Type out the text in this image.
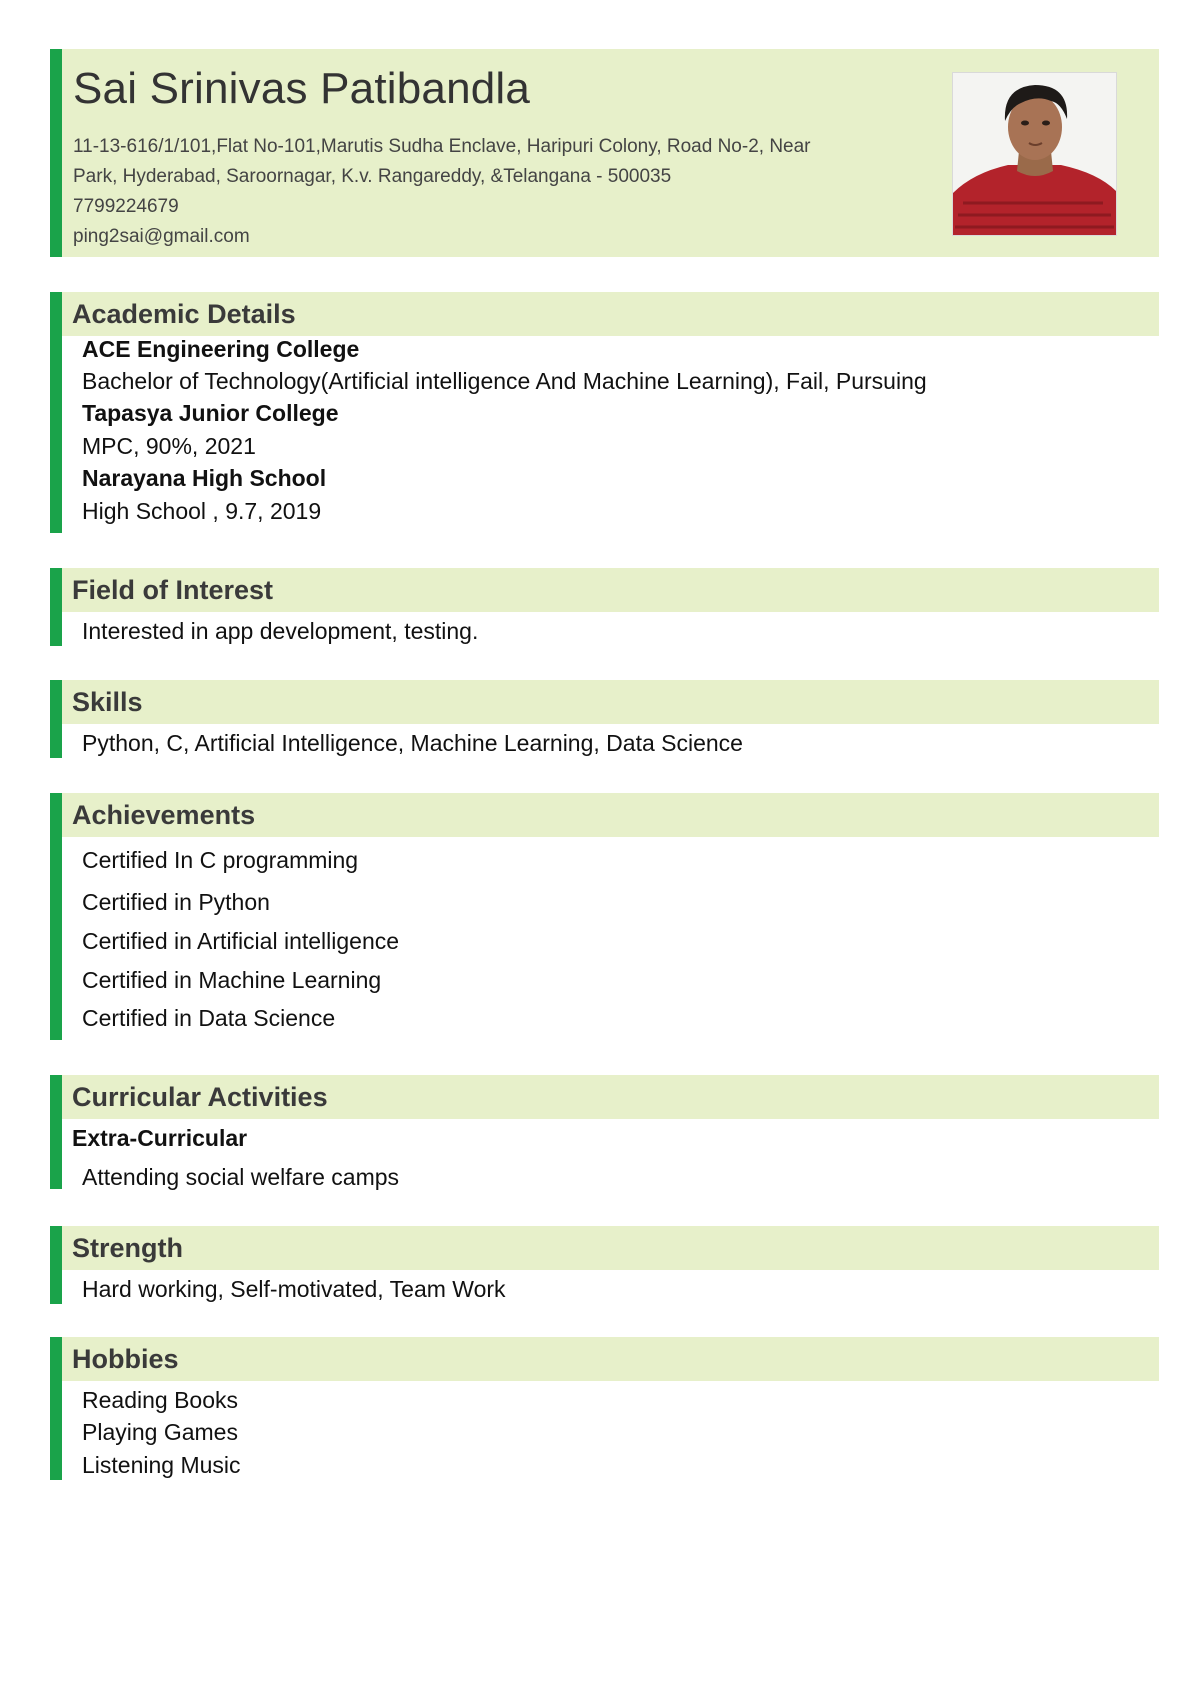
Sai Srinivas Patibandla
11-13-616/1/101,Flat No-101,Marutis Sudha Enclave, Haripuri Colony, Road No-2, Near
Park, Hyderabad, Saroornagar, K.v. Rangareddy, &Telangana - 500035
7799224679
ping2sai@gmail.com
Academic Details
ACE Engineering College
Bachelor of Technology(Artificial intelligence And Machine Learning), Fail, Pursuing
Tapasya Junior College
MPC, 90%, 2021
Narayana High School
High School , 9.7, 2019
Field of Interest
Interested in app development, testing.
Skills
Python, C, Artificial Intelligence, Machine Learning, Data Science
Achievements
Certified In C programming
Certified in Python
Certified in Artificial intelligence
Certified in Machine Learning
Certified in Data Science
Curricular Activities
Extra-Curricular
Attending social welfare camps
Strength
Hard working, Self-motivated, Team Work
Hobbies
Reading Books
Playing Games
Listening Music
